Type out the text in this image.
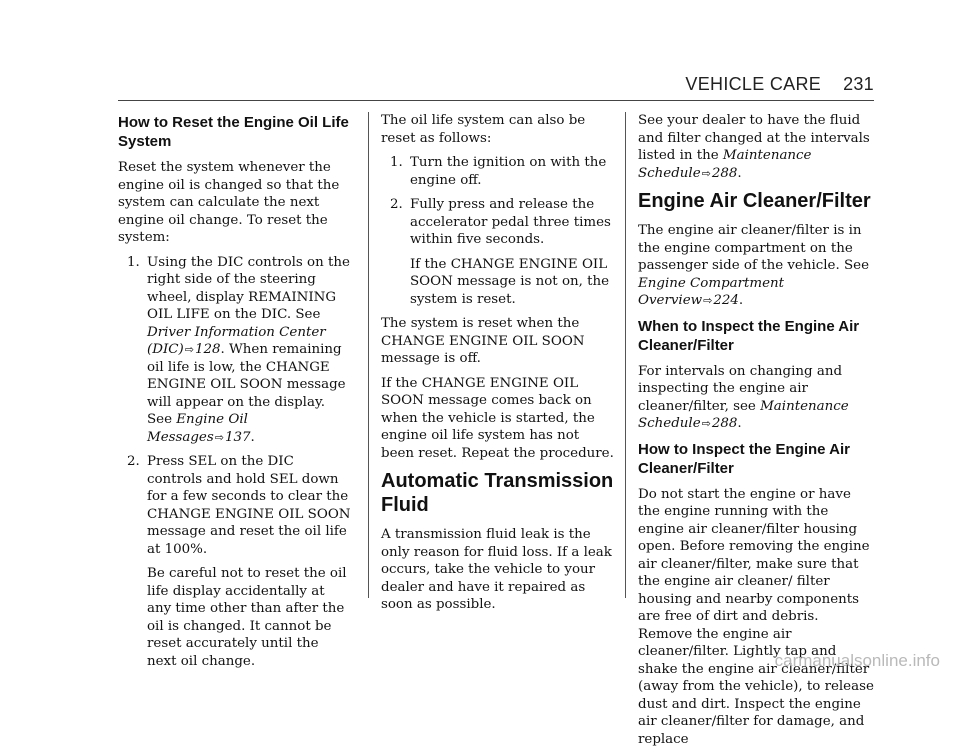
VEHICLE CARE 231
How to Reset the Engine Oil Life System

Reset the system whenever the engine oil is changed so that the system can calculate the next engine oil change. To reset the system:

1. Using the DIC controls on the right side of the steering wheel, display REMAINING OIL LIFE on the DIC. See Driver Information Center (DIC)⇨128. When remaining oil life is low, the CHANGE ENGINE OIL SOON message will appear on the display. See Engine Oil Messages⇨137.

2. Press SEL on the DIC controls and hold SEL down for a few seconds to clear the CHANGE ENGINE OIL SOON message and reset the oil life at 100%.

Be careful not to reset the oil life display accidentally at any time other than after the oil is changed. It cannot be reset accurately until the next oil change.

The oil life system can also be reset as follows:

1. Turn the ignition on with the engine off.

2. Fully press and release the accelerator pedal three times within five seconds.

If the CHANGE ENGINE OIL SOON message is not on, the system is reset.

The system is reset when the CHANGE ENGINE OIL SOON message is off.

If the CHANGE ENGINE OIL SOON message comes back on when the vehicle is started, the engine oil life system has not been reset. Repeat the procedure.

Automatic Transmission Fluid

A transmission fluid leak is the only reason for fluid loss. If a leak occurs, take the vehicle to your dealer and have it repaired as soon as possible.

See your dealer to have the fluid and filter changed at the intervals listed in the Maintenance Schedule⇨288.

Engine Air Cleaner/Filter

The engine air cleaner/filter is in the engine compartment on the passenger side of the vehicle. See Engine Compartment Overview⇨224.

When to Inspect the Engine Air Cleaner/Filter

For intervals on changing and inspecting the engine air cleaner/filter, see Maintenance Schedule⇨288.

How to Inspect the Engine Air Cleaner/Filter

Do not start the engine or have the engine running with the engine air cleaner/filter housing open. Before removing the engine air cleaner/filter, make sure that the engine air cleaner/ filter housing and nearby components are free of dirt and debris. Remove the engine air cleaner/filter. Lightly tap and shake the engine air cleaner/filter (away from the vehicle), to release dust and dirt. Inspect the engine air cleaner/filter for damage, and replace

carmanualsonline.info
